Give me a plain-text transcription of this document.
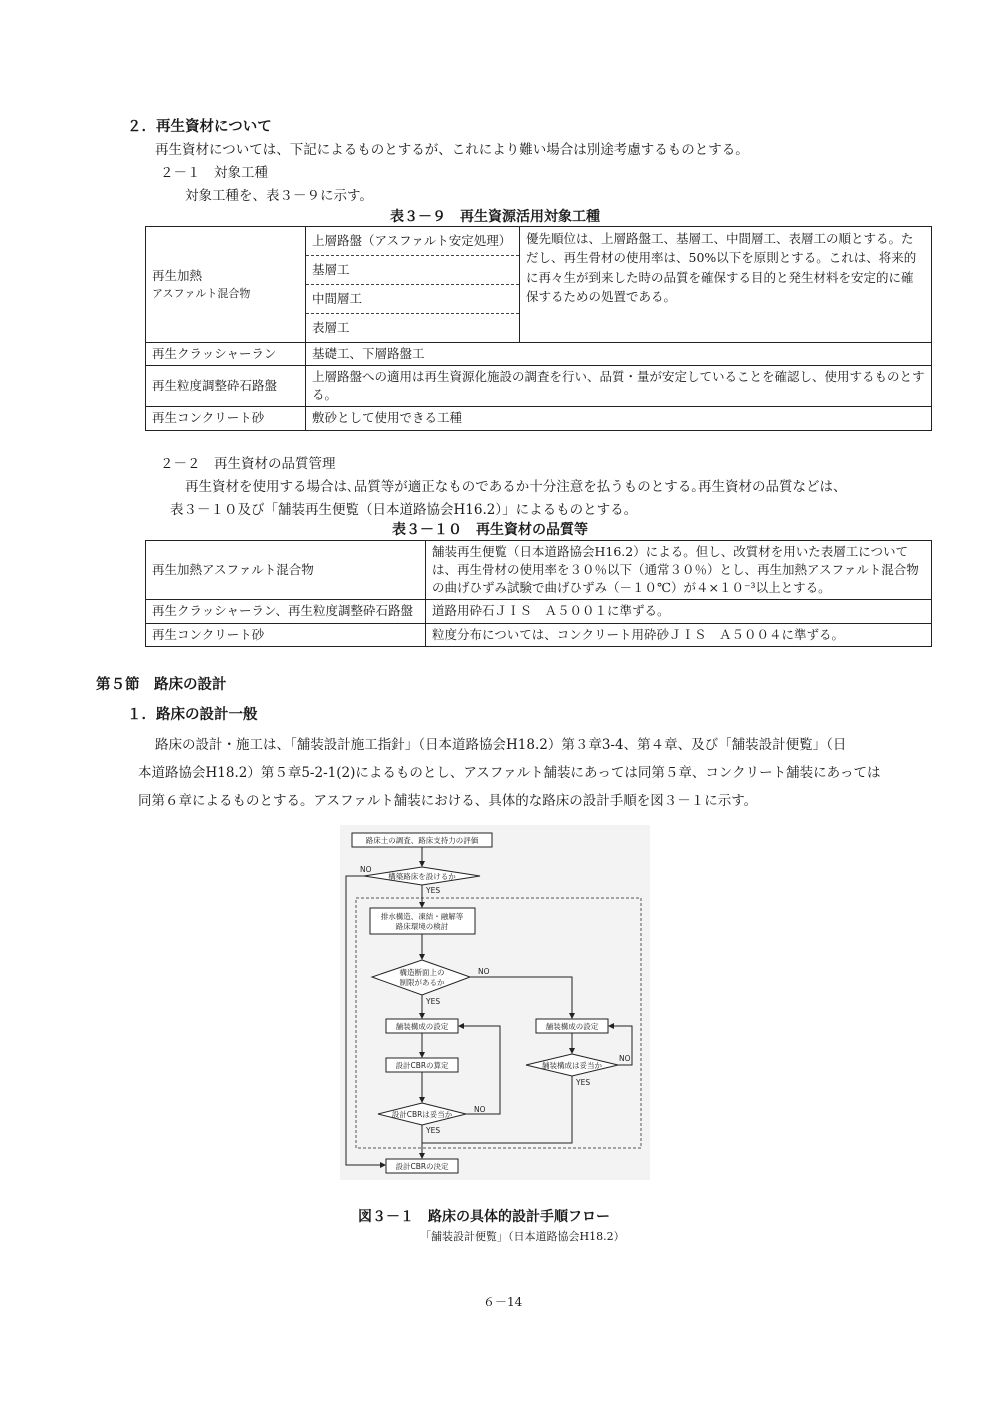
２．再生資材について
再生資材については、下記によるものとするが、これにより難い場合は別途考慮するものとする。
２－１　対象工種
対象工種を、表３－９に示す。
表３－９　再生資源活用対象工種
再生加熱
アスファルト混合物	上層路盤（アスファルト安定処理）	優先順位は、上層路盤工、基層工、中間層工、表層工の順とする。ただし、再生骨材の使用率は、50%以下を原則とする。これは、将来的に再々生が到来した時の品質を確保する目的と発生材料を安定的に確保するための処置である。
	基層工	
	中間層工	
	表層工	
再生クラッシャーラン	基礎工、下層路盤工	
再生粒度調整砕石路盤	上層路盤への適用は再生資源化施設の調査を行い、品質・量が安定していることを確認し、使用するものとする。	
再生コンクリート砂	敷砂として使用できる工種	
２－２　再生資材の品質管理
再生資材を使用する場合は､品質等が適正なものであるか十分注意を払うものとする｡再生資材の品質などは、
表３－１０及び「舗装再生便覧（日本道路協会H16.2）」によるものとする。
表３－１０　再生資材の品質等
再生加熱アスファルト混合物	舗装再生便覧（日本道路協会H16.2）による。但し、改質材を用いた表層工については、再生骨材の使用率を３０％以下（通常３０％）とし、再生加熱アスファルト混合物の曲げひずみ試験で曲げひずみ（－１０℃）が４×１０⁻³以上とする。
再生クラッシャーラン、再生粒度調整砕石路盤	道路用砕石ＪＩＳ　Ａ５００１に準ずる。
再生コンクリート砂	粒度分布については、コンクリート用砕砂ＪＩＳ　Ａ５００４に準ずる。
第５節　路床の設計
１．路床の設計一般
路床の設計・施工は、「舗装設計施工指針」（日本道路協会H18.2）第３章3-4、第４章、及び「舗装設計便覧」（日
本道路協会H18.2）第５章5-2-1(2)によるものとし、アスファルト舗装にあっては同第５章、コンクリート舗装にあっては
同第６章によるものとする。アスファルト舗装における、具体的な路床の設計手順を図３－１に示す。
路床土の調査、路床支持力の評価
構築路床を設けるか
NO
YES
排水構造、凍結・融解等
路床環境の検討
構造断面上の
制限があるか
NO
YES
舗装構成の設定
設計CBRの算定
設計CBRは妥当か
NO
YES
舗装構成の設定
舗装構成は妥当か
NO
YES
設計CBRの決定
図３－１　路床の具体的設計手順フロー
「舗装設計便覧」（日本道路協会H18.2）
６－14
